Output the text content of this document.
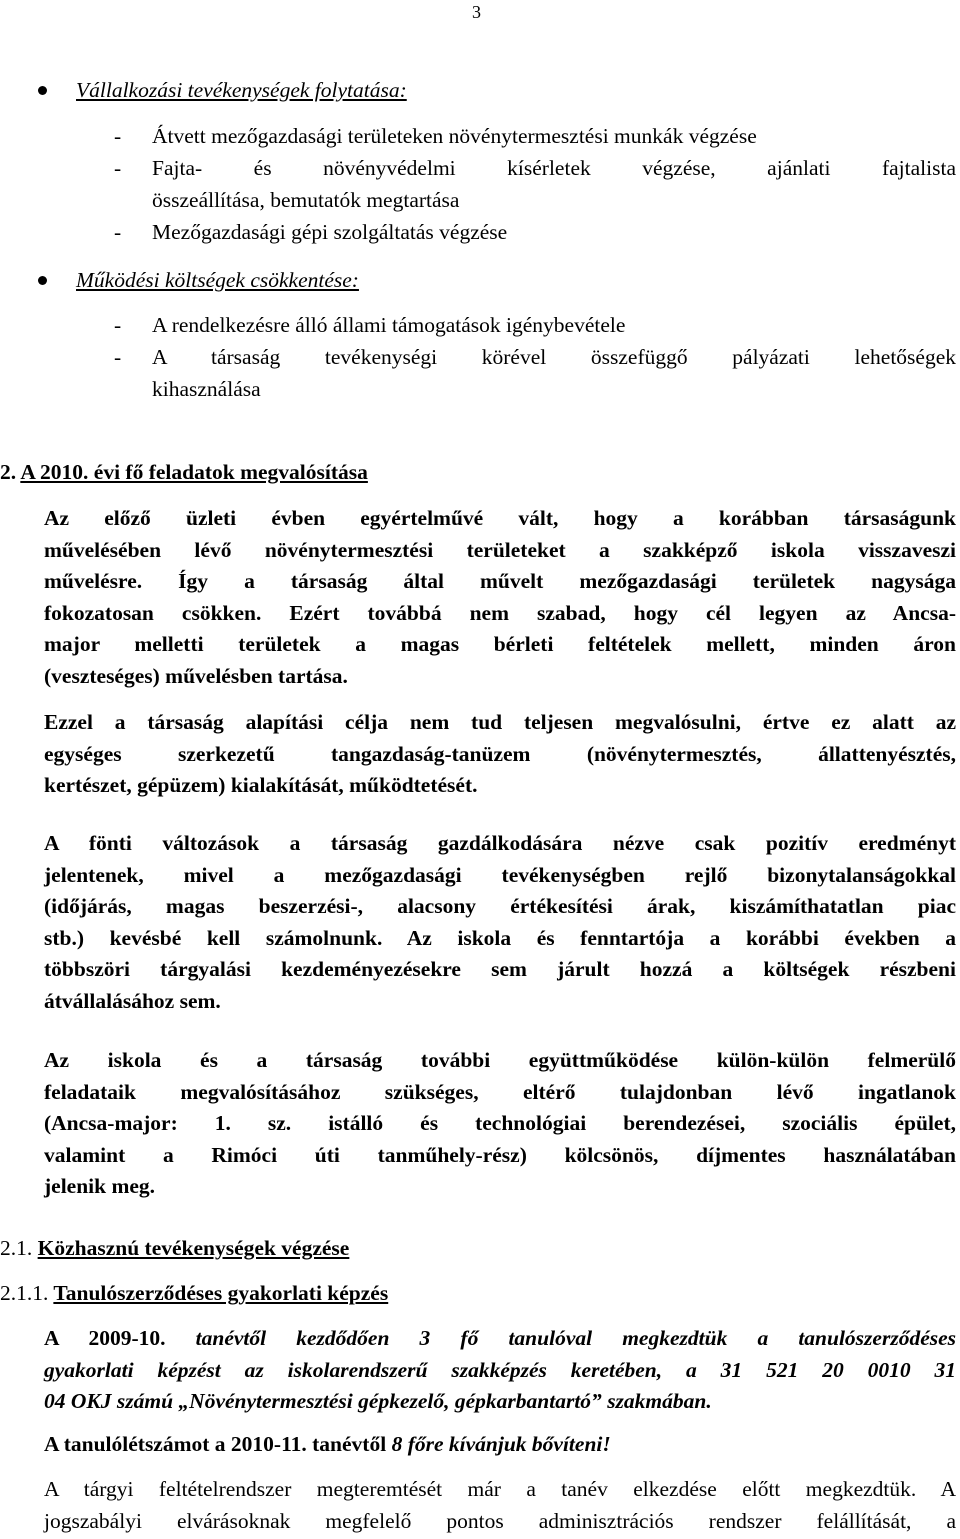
3
Vállalkozási tevékenységek folytatása:

- Átvett mezőgazdasági területeken növénytermesztési munkák végzése

- Fajta- és növényvédelmi kísérletek végzése, ajánlati fajtalista

összeállítása, bemutatók megtartása

- Mezőgazdasági gépi szolgáltatás végzése

Működési költségek csökkentése:

- A rendelkezésre álló állami támogatások igénybevétele

- A társaság tevékenységi körével összefüggő pályázati lehetőségek

kihasználása

2. A 2010. évi fő feladatok megvalósítása

Az előző üzleti évben egyértelművé vált, hogy a korábban társaságunk
művelésében lévő növénytermesztési területeket a szakképző iskola visszaveszi
művelésre. Így a társaság által művelt mezőgazdasági területek nagysága
fokozatosan csökken. Ezért továbbá nem szabad, hogy cél legyen az Ancsa-
major melletti területek a magas bérleti feltételek mellett, minden áron
(veszteséges) művelésben tartása.
Ezzel a társaság alapítási célja nem tud teljesen megvalósulni, értve ez alatt az
egységes szerkezetű tangazdaság-tanüzem (növénytermesztés, állattenyésztés,
kertészet, gépüzem) kialakítását, működtetését.
A fönti változások a társaság gazdálkodására nézve csak pozitív eredményt
jelentenek, mivel a mezőgazdasági tevékenységben rejlő bizonytalanságokkal
(időjárás, magas beszerzési-, alacsony értékesítési árak, kiszámíthatatlan piac
stb.) kevésbé kell számolnunk. Az iskola és fenntartója a korábbi években a
többszöri tárgyalási kezdeményezésekre sem járult hozzá a költségek részbeni
átvállalásához sem.
Az iskola és a társaság további együttműködése külön-külön felmerülő
feladataik megvalósításához szükséges, eltérő tulajdonban lévő ingatlanok
(Ancsa-major: 1. sz. istálló és technológiai berendezései, szociális épület,
valamint a Rimóci úti tanműhely-rész) kölcsönös, díjmentes használatában
jelenik meg.

2.1. Közhasznú tevékenységek végzése

2.1.1. Tanulószerződéses gyakorlati képzés

A 2009-10. tanévtől kezdődően 3 fő tanulóval megkezdtük a tanulószerződéses
gyakorlati képzést az iskolarendszerű szakképzés keretében, a 31 521 20 0010 31
04 OKJ számú „Növénytermesztési gépkezelő, gépkarbantartó” szakmában.
A tanulólétszámot a 2010-11. tanévtől 8 főre kívánjuk bővíteni!
A tárgyi feltételrendszer megteremtését már a tanév elkezdése előtt megkezdtük. A
jogszabályi elvárásoknak megfelelő pontos adminisztrációs rendszer felállítását, a
